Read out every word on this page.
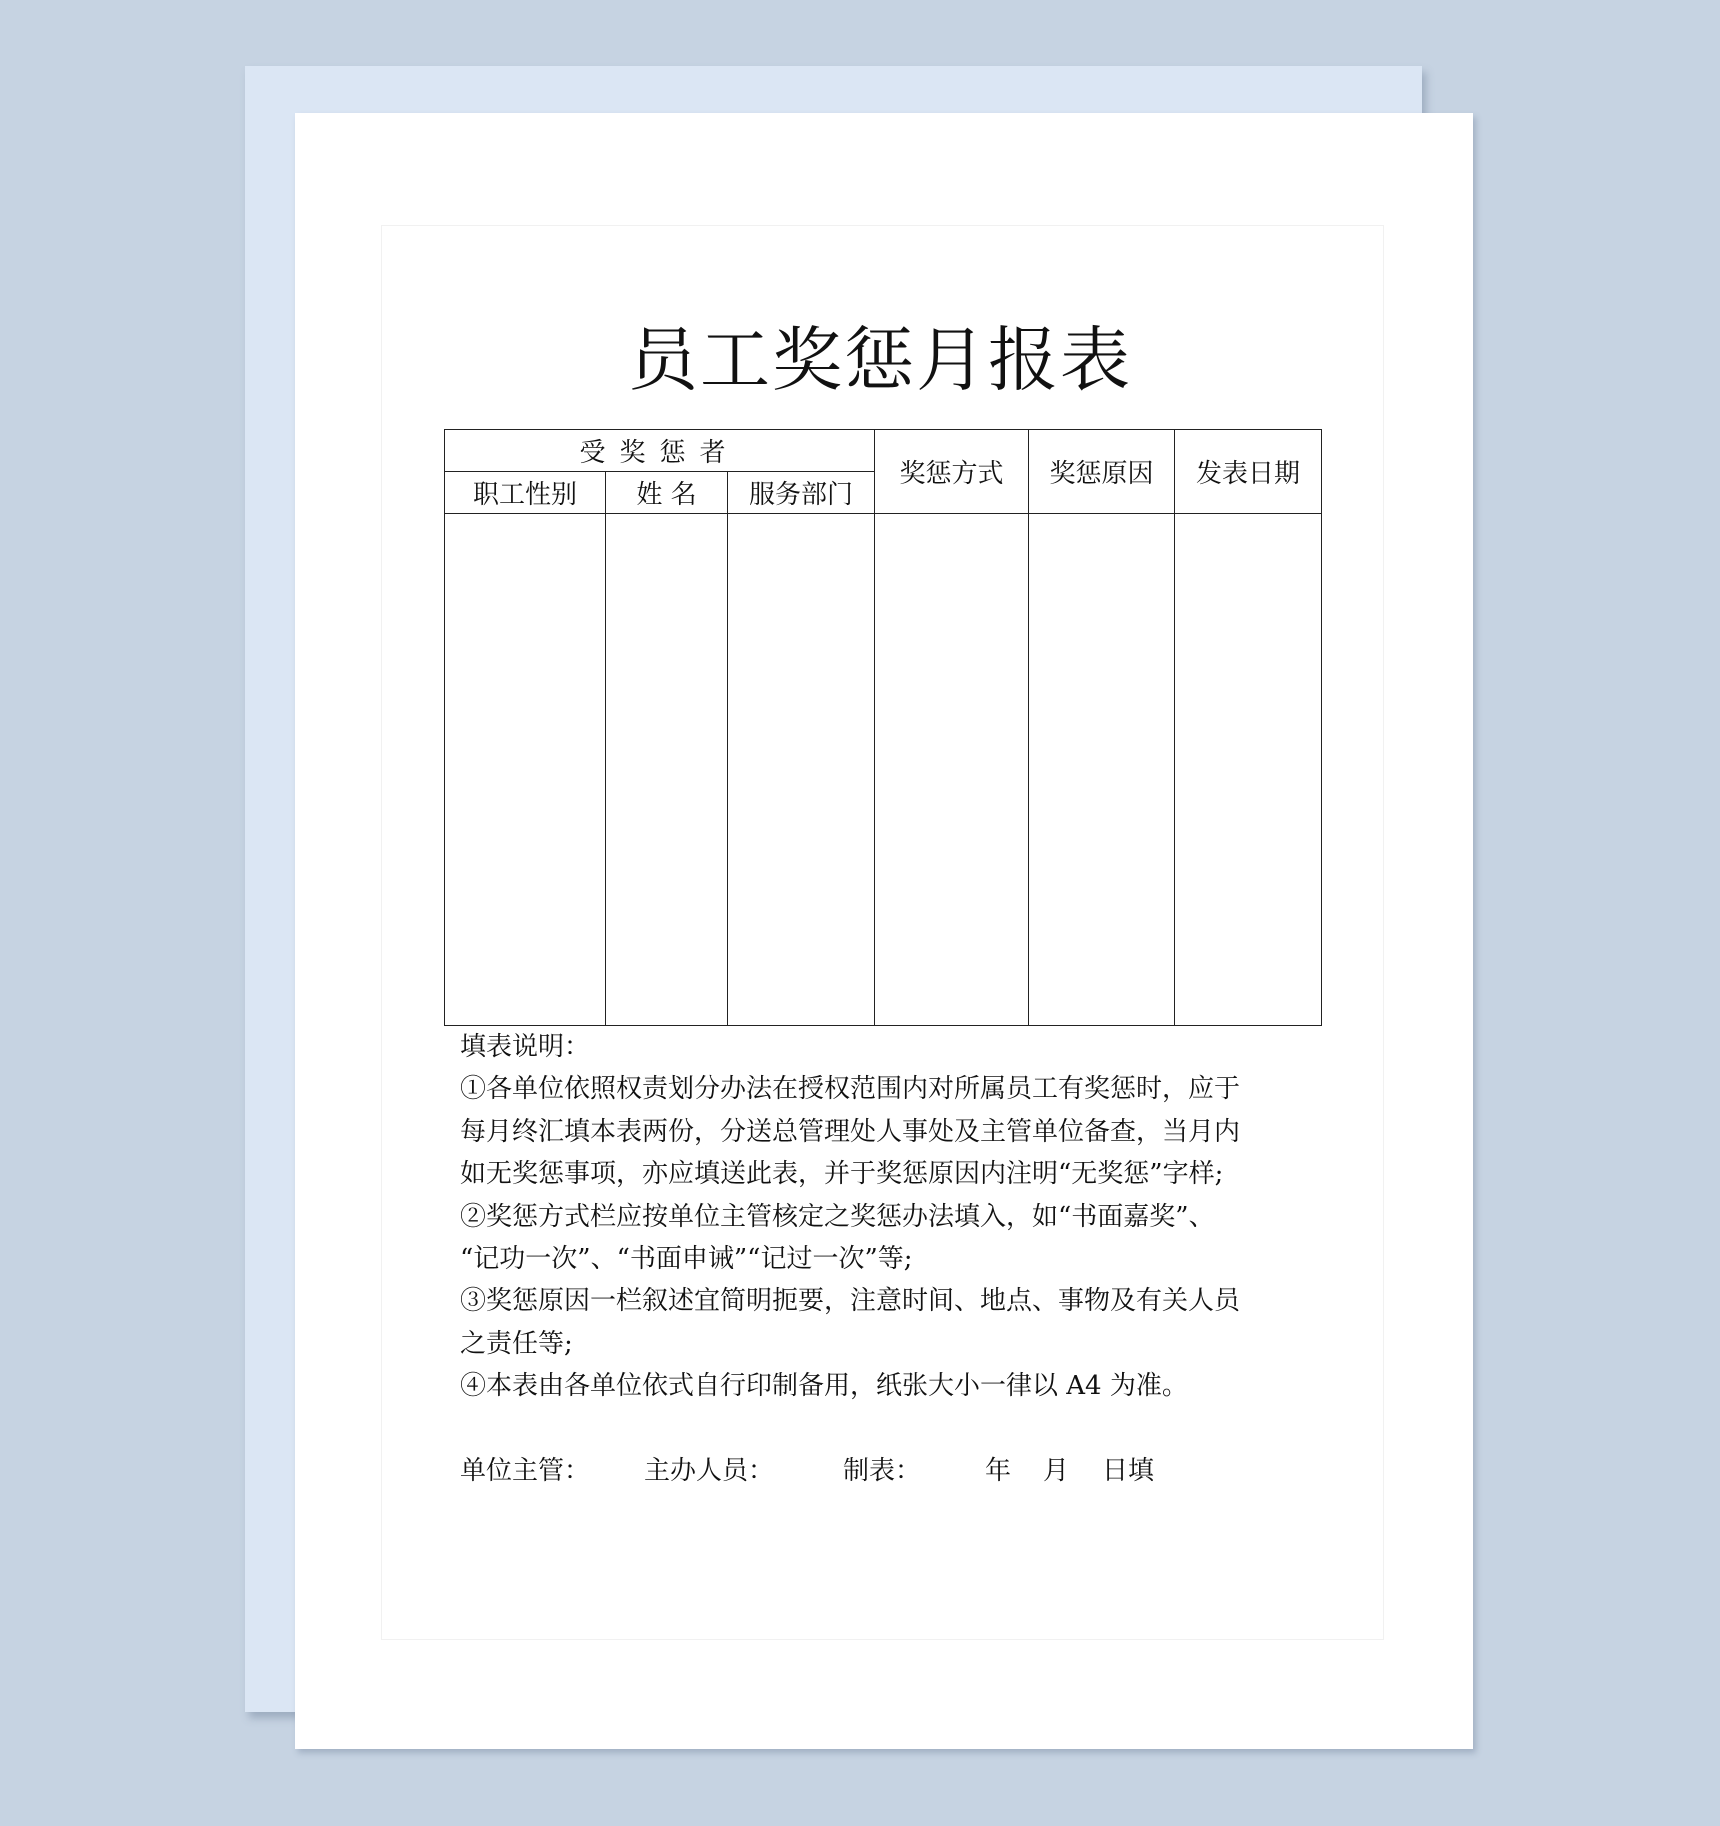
员工奖惩月报表
受奖惩者			奖惩方式	奖惩原因	发表日期
职工性别	姓 名	服务部门			

填表说明：
①各单位依照权责划分办法在授权范围内对所属员工有奖惩时，应于
每月终汇填本表两份，分送总管理处人事处及主管单位备查，当月内
如无奖惩事项，亦应填送此表，并于奖惩原因内注明“无奖惩”字样;
②奖惩方式栏应按单位主管核定之奖惩办法填入，如“书面嘉奖”、
“记功一次”、“书面申诫”“记过一次”等;
③奖惩原因一栏叙述宜简明扼要，注意时间、地点、事物及有关人员
之责任等;
④本表由各单位依式自行印制备用，纸张大小一律以 A4 为准。
单位主管： 主办人员：	制表： 年 月 日填
